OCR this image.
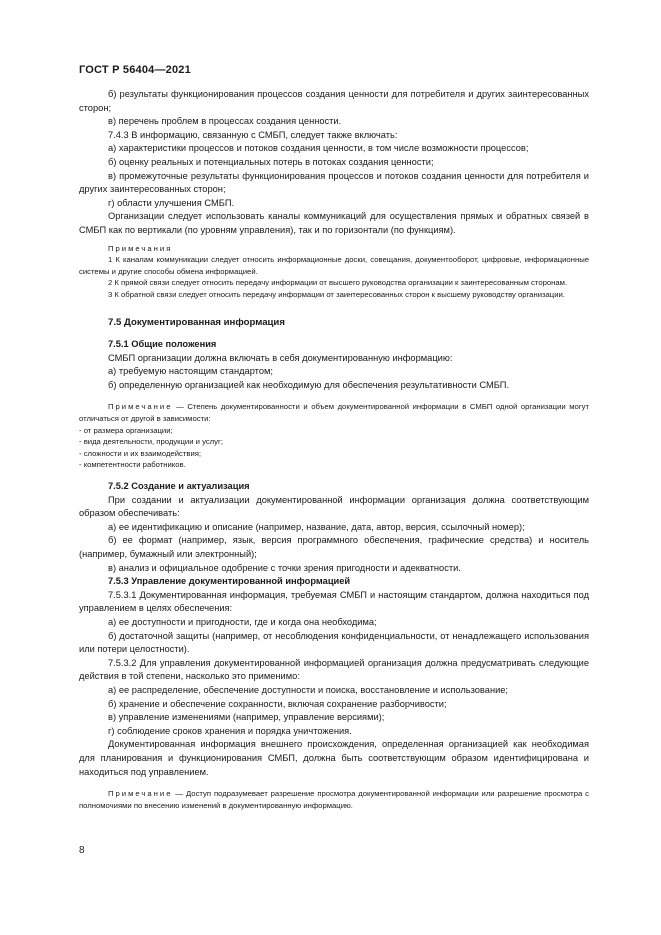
ГОСТ Р 56404—2021

б) результаты функционирования процессов создания ценности для потребителя и других заинтересованных сторон;

в) перечень проблем в процессах создания ценности.

7.4.3 В информацию, связанную с СМБП, следует также включать:

а) характеристики процессов и потоков создания ценности, в том числе возможности процессов;

б) оценку реальных и потенциальных потерь в потоках создания ценности;

в) промежуточные результаты функционирования процессов и потоков создания ценности для потребителя и других заинтересованных сторон;

г) области улучшения СМБП.

Организации следует использовать каналы коммуникаций для осуществления прямых и обратных связей в СМБП как по вертикали (по уровням управления), так и по горизонтали (по функциям).

Примечания

1 К каналам коммуникации следует относить информационные доски, совещания, документооборот, цифровые, информационные системы и другие способы обмена информацией.

2 К прямой связи следует относить передачу информации от высшего руководства организации к заинтересованным сторонам.

3 К обратной связи следует относить передачу информации от заинтересованных сторон к высшему руководству организации.

7.5 Документированная информация
7.5.1 Общие положения

СМБП организации должна включать в себя документированную информацию:

а) требуемую настоящим стандартом;

б) определенную организацией как необходимую для обеспечения результативности СМБП.

Примечание — Степень документированности и объем документированной информации в СМБП одной организации могут отличаться от другой в зависимости:

- от размера организации;

- вида деятельности, продукции и услуг;

- сложности и их взаимодействия;

- компетентности работников.

7.5.2 Создание и актуализация

При создании и актуализации документированной информации организация должна соответствующим образом обеспечивать:

а) ее идентификацию и описание (например, название, дата, автор, версия, ссылочный номер);

б) ее формат (например, язык, версия программного обеспечения, графические средства) и носитель (например, бумажный или электронный);

в) анализ и официальное одобрение с точки зрения пригодности и адекватности.

7.5.3 Управление документированной информацией

7.5.3.1 Документированная информация, требуемая СМБП и настоящим стандартом, должна находиться под управлением в целях обеспечения:

а) ее доступности и пригодности, где и когда она необходима;

б) достаточной защиты (например, от несоблюдения конфиденциальности, от ненадлежащего использования или потери целостности).

7.5.3.2 Для управления документированной информацией организация должна предусматривать следующие действия в той степени, насколько это применимо:

а) ее распределение, обеспечение доступности и поиска, восстановление и использование;

б) хранение и обеспечение сохранности, включая сохранение разборчивости;

в) управление изменениями (например, управление версиями);

г) соблюдение сроков хранения и порядка уничтожения.

Документированная информация внешнего происхождения, определенная организацией как необходимая для планирования и функционирования СМБП, должна быть соответствующим образом идентифицирована и находиться под управлением.

Примечание — Доступ подразумевает разрешение просмотра документированной информации или разрешение просмотра с полномочиями по внесению изменений в документированную информацию.

8
